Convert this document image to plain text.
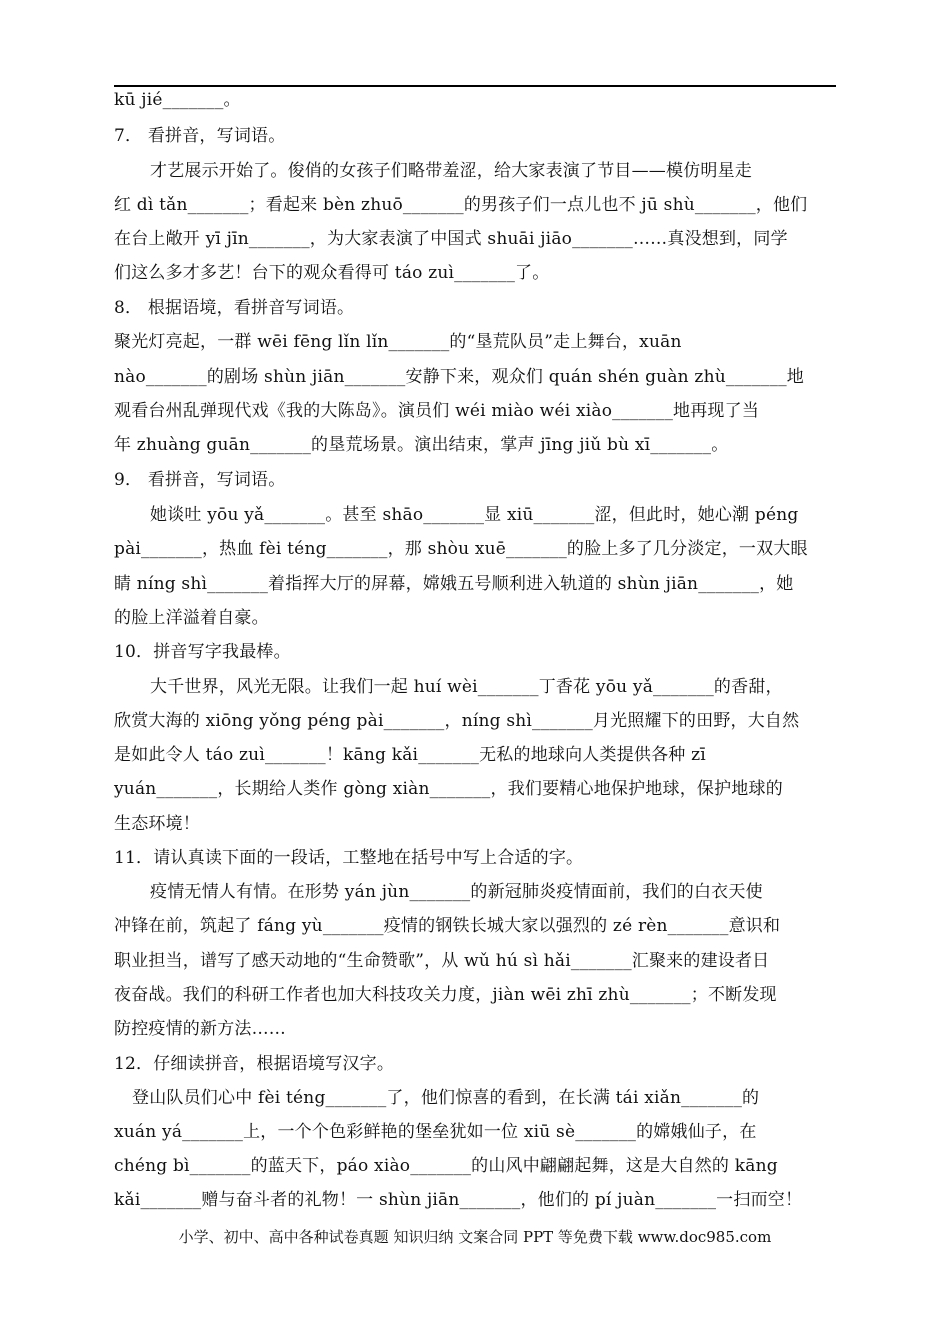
kū jié_______。
7． 看拼音，写词语。
才艺展示开始了。俊俏的女孩子们略带羞涩，给大家表演了节目——模仿明星走
红 dì tǎn_______；看起来 bèn zhuō_______的男孩子们一点儿也不 jū shù_______，他们
在台上敞开 yī jīn_______，为大家表演了中国式 shuāi jiāo_______……真没想到，同学
们这么多才多艺！台下的观众看得可 táo zuì_______了。
8． 根据语境，看拼音写词语。
聚光灯亮起，一群 wēi fēng lǐn lǐn_______的“垦荒队员”走上舞台，xuān
nào_______的剧场 shùn jiān_______安静下来，观众们 quán shén guàn zhù_______地
观看台州乱弹现代戏《我的大陈岛》。演员们 wéi miào wéi xiào_______地再现了当
年 zhuàng guān_______的垦荒场景。演出结束，掌声 jīng jiǔ bù xī_______。
9． 看拼音，写词语。
她谈吐 yōu yǎ_______。甚至 shāo_______显 xiū_______涩，但此时，她心潮 péng
pài_______，热血 fèi téng_______，那 shòu xuē_______的脸上多了几分淡定，一双大眼
睛 níng shì_______着指挥大厅的屏幕，嫦娥五号顺利进入轨道的 shùn jiān_______，她
的脸上洋溢着自豪。
10．拼音写字我最棒。
大千世界，风光无限。让我们一起 huí wèi_______丁香花 yōu yǎ_______的香甜，
欣赏大海的 xiōng yǒng péng pài_______，níng shì_______月光照耀下的田野，大自然
是如此令人 táo zuì_______！kāng kǎi_______无私的地球向人类提供各种 zī
yuán_______，长期给人类作 gòng xiàn_______，我们要精心地保护地球，保护地球的
生态环境！
11．请认真读下面的一段话，工整地在括号中写上合适的字。
疫情无情人有情。在形势 yán jùn_______的新冠肺炎疫情面前，我们的白衣天使
冲锋在前，筑起了 fáng yù_______疫情的钢铁长城大家以强烈的 zé rèn_______意识和
职业担当，谱写了感天动地的“生命赞歌”，从 wǔ hú sì hǎi_______汇聚来的建设者日
夜奋战。我们的科研工作者也加大科技攻关力度，jiàn wēi zhī zhù_______；不断发现
防控疫情的新方法……
12．仔细读拼音，根据语境写汉字。
登山队员们心中 fèi téng_______了，他们惊喜的看到，在长满 tái xiǎn_______的
xuán yá_______上，一个个色彩鲜艳的堡垒犹如一位 xiū sè_______的嫦娥仙子，在
chéng bì_______的蓝天下，páo xiào_______的山风中翩翩起舞，这是大自然的 kāng
kǎi_______赠与奋斗者的礼物！一 shùn jiān_______，他们的 pí juàn_______一扫而空！
小学、初中、高中各种试卷真题 知识归纳 文案合同 PPT 等免费下载 www.doc985.com
